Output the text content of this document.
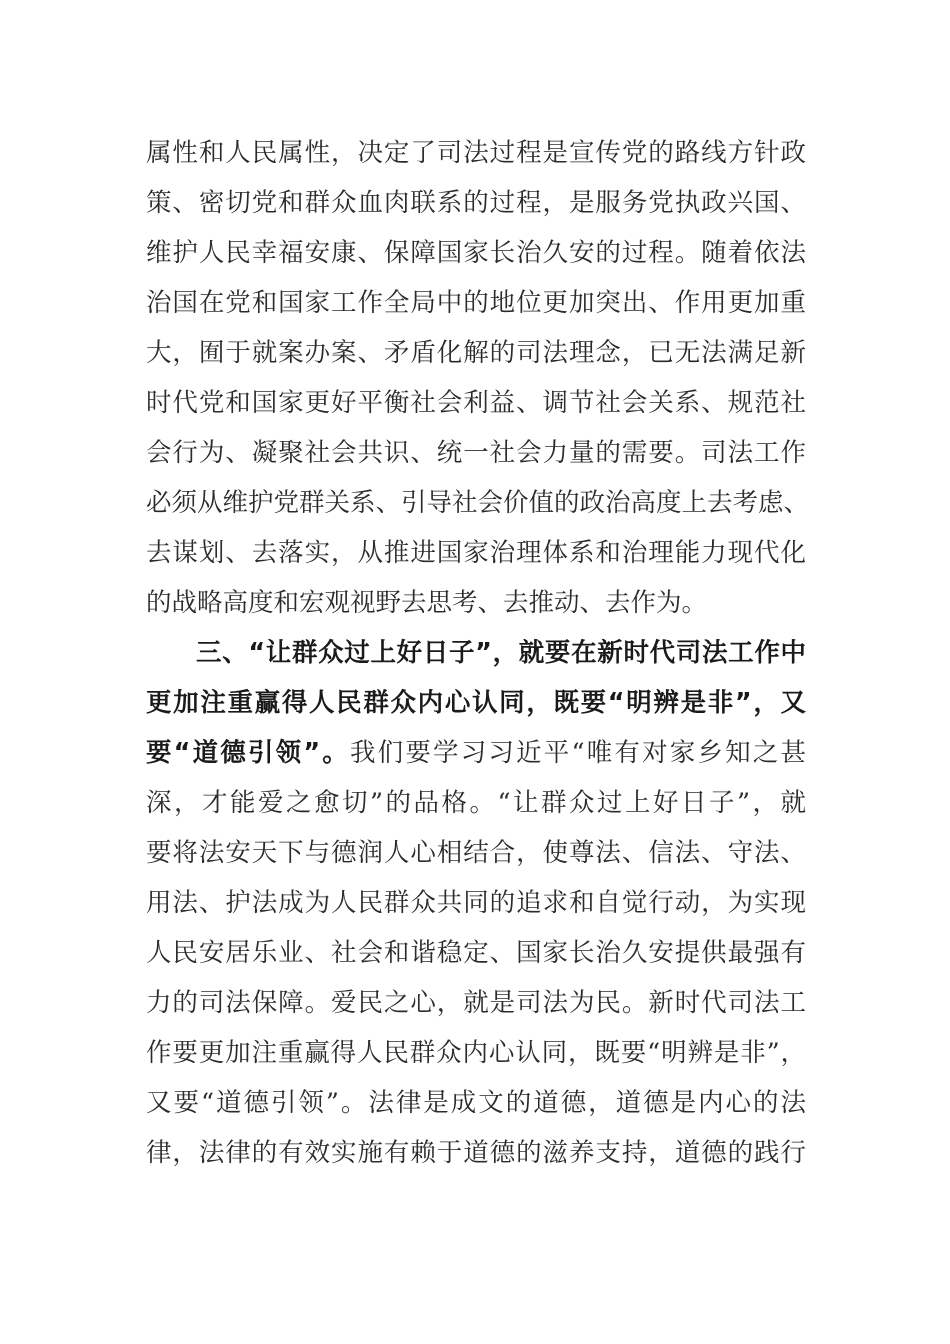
属性和人民属性，决定了司法过程是宣传党的路线方针政
策、密切党和群众血肉联系的过程，是服务党执政兴国、
维护人民幸福安康、保障国家长治久安的过程。随着依法
治国在党和国家工作全局中的地位更加突出、作用更加重
大，囿于就案办案、矛盾化解的司法理念，已无法满足新
时代党和国家更好平衡社会利益、调节社会关系、规范社
会行为、凝聚社会共识、统一社会力量的需要。司法工作
必须从维护党群关系、引导社会价值的政治高度上去考虑、
去谋划、去落实，从推进国家治理体系和治理能力现代化
的战略高度和宏观视野去思考、去推动、去作为。
三、“让群众过上好日子”，就要在新时代司法工作中
更加注重赢得人民群众内心认同，既要“明辨是非”，又
要“道德引领”。我们要学习习近平“唯有对家乡知之甚
深，才能爱之愈切”的品格。“让群众过上好日子”，就
要将法安天下与德润人心相结合，使尊法、信法、守法、
用法、护法成为人民群众共同的追求和自觉行动，为实现
人民安居乐业、社会和谐稳定、国家长治久安提供最强有
力的司法保障。爱民之心，就是司法为民。新时代司法工
作要更加注重赢得人民群众内心认同，既要“明辨是非”，
又要“道德引领”。法律是成文的道德，道德是内心的法
律，法律的有效实施有赖于道德的滋养支持，道德的践行
